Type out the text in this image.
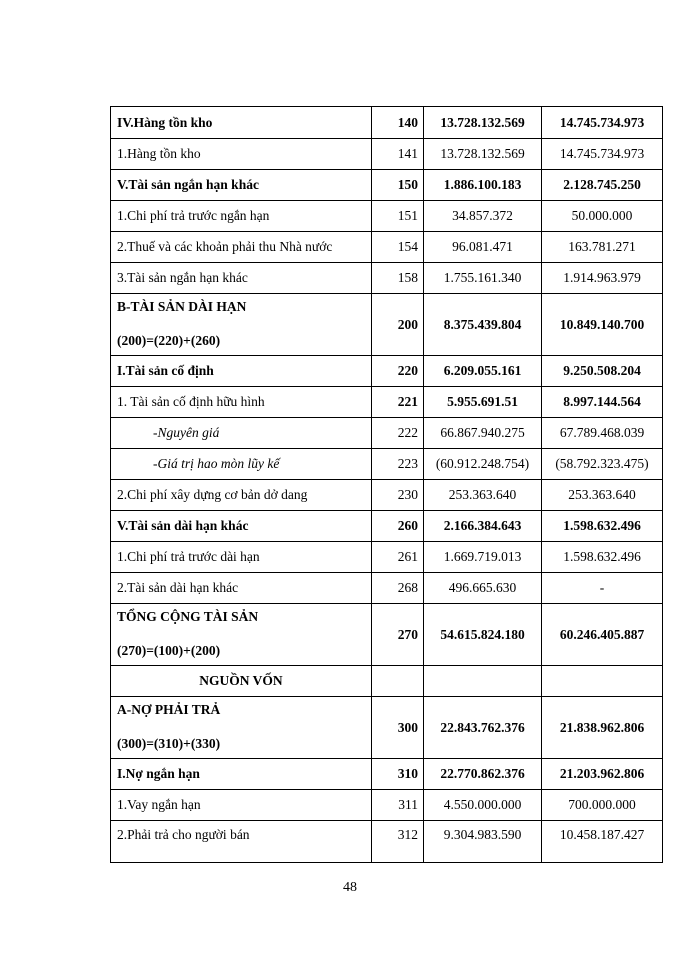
IV.Hàng tồn kho	140	13.728.132.569	14.745.734.973
1.Hàng tồn kho	141	13.728.132.569	14.745.734.973
V.Tài sản ngắn hạn khác	150	1.886.100.183	2.128.745.250
1.Chi phí trả trước ngắn hạn	151	34.857.372	50.000.000
2.Thuế và các khoản phải thu Nhà nước	154	96.081.471	163.781.271
3.Tài sản ngắn hạn khác	158	1.755.161.340	1.914.963.979

B-TÀI SẢN DÀI HẠN
(200)=(220)+(260)	200	8.375.439.804	10.849.140.700
I.Tài sản cố định	220	6.209.055.161	9.250.508.204
1. Tài sản cố định hữu hình	221	5.955.691.51	8.997.144.564
-Nguyên giá	222	66.867.940.275	67.789.468.039
-Giá trị hao mòn lũy kế	223	(60.912.248.754)	(58.792.323.475)
2.Chi phí xây dựng cơ bản dở dang	230	253.363.640	253.363.640
V.Tài sản dài hạn khác	260	2.166.384.643	1.598.632.496
1.Chi phí trả trước dài hạn	261	1.669.719.013	1.598.632.496
2.Tài sản dài hạn khác	268	496.665.630	-

TỔNG CỘNG TÀI SẢN
(270)=(100)+(200)	270	54.615.824.180	60.246.405.887
NGUỒN VỐN			

A-NỢ PHẢI TRẢ
(300)=(310)+(330)	300	22.843.762.376	21.838.962.806
I.Nợ ngắn hạn	310	22.770.862.376	21.203.962.806
1.Vay ngắn hạn	311	4.550.000.000	700.000.000
2.Phải trả cho người bán	312	9.304.983.590	10.458.187.427
48
